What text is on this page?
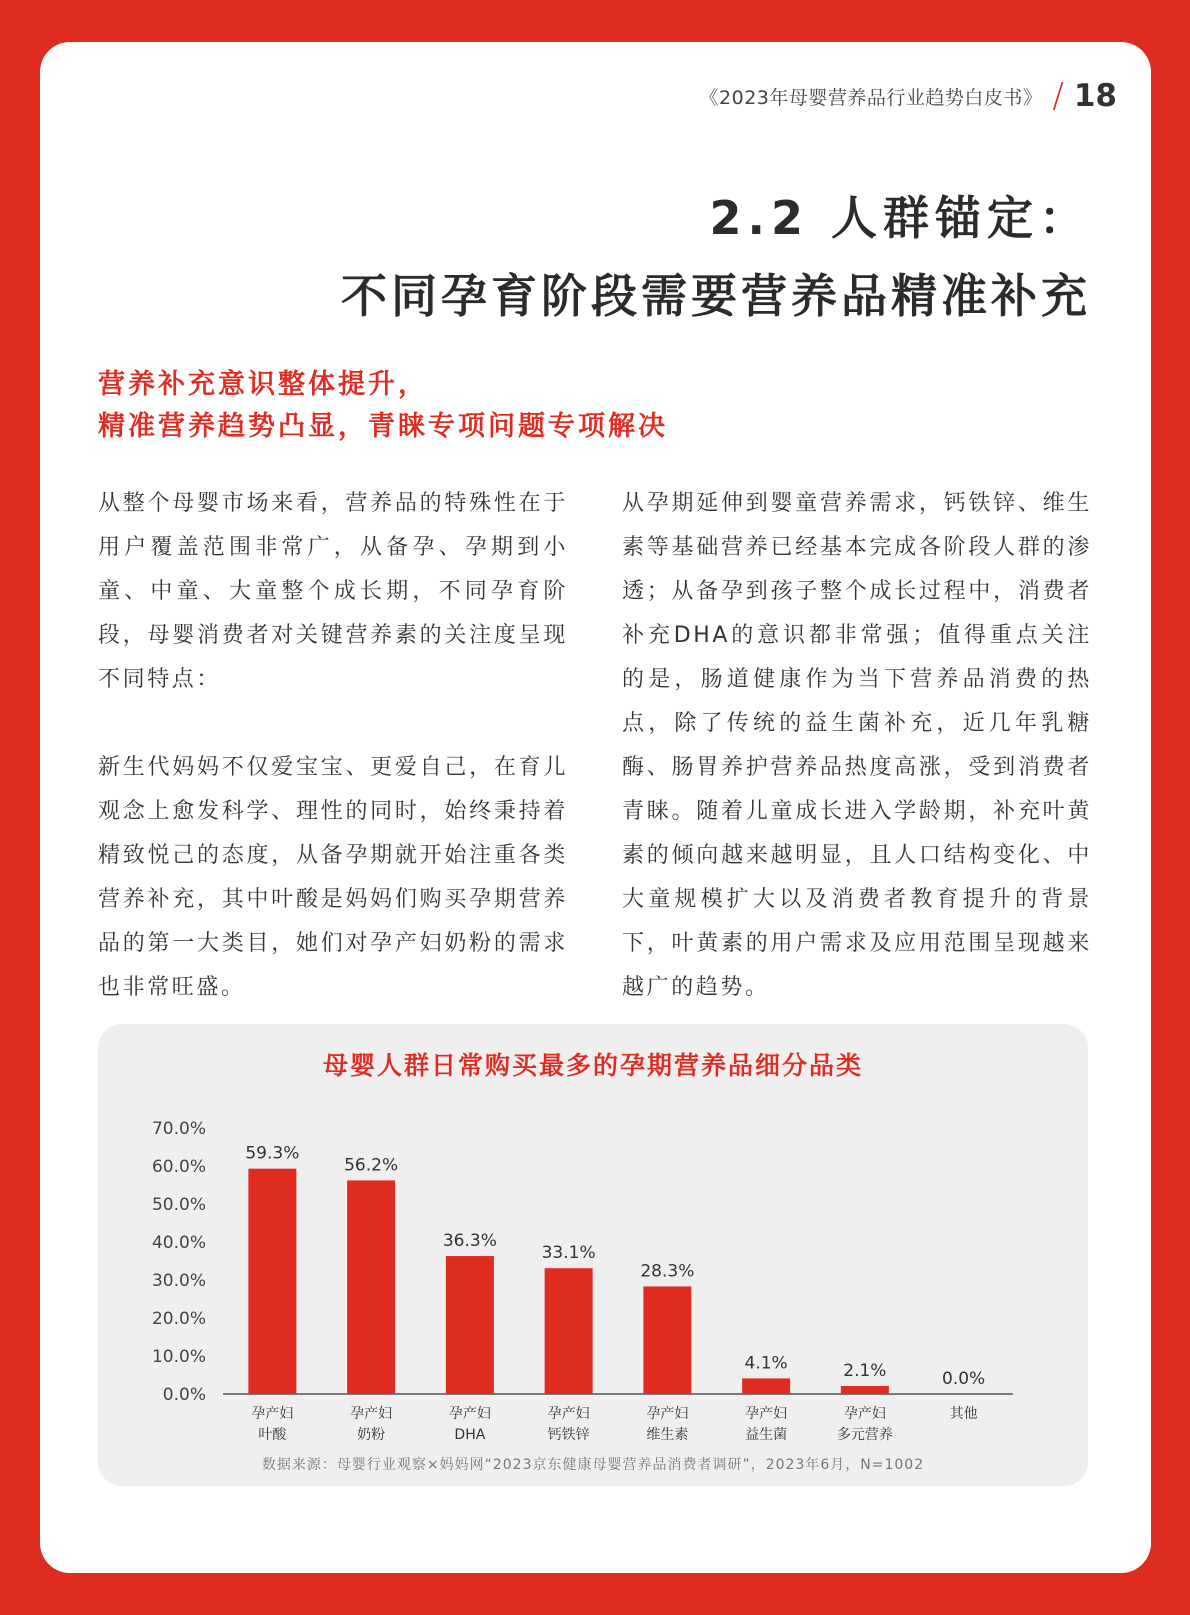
《2023年母婴营养品行业趋势白皮书》 / 18
2.2 人群锚定：
不同孕育阶段需要营养品精准补充
营养补充意识整体提升，
精准营养趋势凸显，青睐专项问题专项解决

从整个母婴市场来看，营养品的特殊性在于用户覆盖范围非常广，从备孕、孕期到小童、中童、大童整个成长期，不同孕育阶段，母婴消费者对关键营养素的关注度呈现不同特点：

新生代妈妈不仅爱宝宝、更爱自己，在育儿观念上愈发科学、理性的同时，始终秉持着精致悦己的态度，从备孕期就开始注重各类营养补充，其中叶酸是妈妈们购买孕期营养品的第一大类目，她们对孕产妇奶粉的需求也非常旺盛。

从孕期延伸到婴童营养需求，钙铁锌、维生素等基础营养已经基本完成各阶段人群的渗透；从备孕到孩子整个成长过程中，消费者补充DHA的意识都非常强；值得重点关注的是，肠道健康作为当下营养品消费的热点，除了传统的益生菌补充，近几年乳糖酶、肠胃养护营养品热度高涨，受到消费者青睐。随着儿童成长进入学龄期，补充叶黄素的倾向越来越明显，且人口结构变化、中大童规模扩大以及消费者教育提升的背景下，叶黄素的用户需求及应用范围呈现越来越广的趋势。

母婴人群日常购买最多的孕期营养品细分品类
0.0%
10.0%
20.0%
30.0%
40.0%
50.0%
60.0%
70.0%
59.3%
孕产妇
叶酸
56.2%
孕产妇
奶粉
36.3%
孕产妇
DHA
33.1%
孕产妇
钙铁锌
28.3%
孕产妇
维生素
4.1%
孕产妇
益生菌
2.1%
孕产妇
多元营养
0.0%
其他
数据来源：母婴行业观察×妈妈网“2023京东健康母婴营养品消费者调研”，2023年6月，N=1002
